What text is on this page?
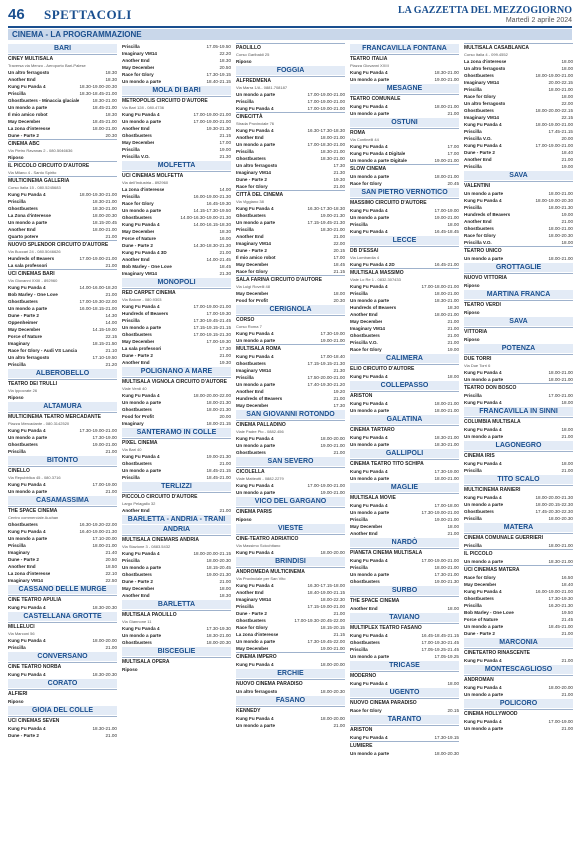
46 SPETTACOLI	LA GAZZETTA DEL MEZZOGIORNO
Martedì 2 aprile 2024
CINEMA - LA PROGRAMMAZIONE
BARI
CINEY MULTISALA
Traversa via Menzo - Aeroporto Bari-Palese
Un altro ferragosto	18.30
Another End	18.30
Kung Fu Panda 4	18.30-19.00-20.30
Priscilla	18.30-18.45-21.00
Ghostbusters - Minaccia glaciale	18.30-21.00
Un mondo a parte	18.45-21.00
Il mio amico robot	18.30
May December	18.45-21.00
La zona d'interesse	18.00-21.00
Dune - Parte 2	20.30
CINEMA ABC
Via Pietro Ravanas 2 - 080.5046636
Riposo
IL PICCOLO CIRCUITO D'AUTORE
Via Milano 4 - Santo Spirito
MULTICINEMA GALLERIA
Corso Italia 15 - 080.5245683
Kung Fu Panda 4	18.00-19.30-21.00
Priscilla	18.30-21.00
Ghostbusters	18.30-21.00
La Zona d'interesse	18.00-20.30
Un mondo a parte	18.15-20.45
Another End	18.00-21.00
Quarto potere	21.00
NUOVO SPLENDOR CIRCUITO D'AUTORE
Via Buccari 24 - 080.5046626
Hundreds of Beavers	17.00-19.00-21.00
La sala professori	21.00
UCI CINEMAS BARI
Via Giovanni XXIII - 892960
Kung Fu Panda 4	14.00-16.00-18.20
Bob Marley - One Love	21.00
Ghostbusters	17.00-19.30-22.00
Un mondo a parte	16.00-18.15-21.00
Dune - Parte 2	14.30
Oppenheimer	14.00
May December	14.15-19.00
Force of Nature	22.15
Imaginary	18.15-21.50
Race for Glory - Audi VS Lancia	21.10
Un altro ferragosto	17.10-19.50
Priscilla	21.20
ALBEROBELLO
TEATRO DEI TRULLI
Via Ippocrate 26
Riposo
ALTAMURA
MULTICINEMA TEATRO MERCADANTE
Piazza Mercadante - 080.3142520
Kung Fu Panda 4	17.30-19.00-21.00
Un mondo a parte	17.30-19.00
Ghostbusters	19.00-21.00
Priscilla	21.00
BITONTO
CINELLO
Via Repubblica 45 - 080.3716
Kung Fu Panda 4	17.00-19.00
Un mondo a parte	21.00
CASAMASSIMA
THE SPACE CINEMA
Centro commerciale Auchan
Ghostbusters	16.30-19.20-22.00
Kung Fu Panda 4	16.40-19.00-21.30
Un mondo a parte	17.10-20.00
Priscilla	18.00-21.00
Imaginary	21.40
Dune - Parte 2	20.50
Another End	18.50
La zona d'interesse	22.10
Imaginary VM14	22.50
CASSANO DELLE MURGE
CINE TEATRO APULIA
Kung Fu Panda 4	18.30-20.30
CASTELLANA GROTTE
MILLELUCI
Via Marconi 56
Kung Fu Panda 4	18.00-20.00
Priscilla	21.00
CONVERSANO
CINE TEATRO NORBA
Kung Fu Panda 4	18.30-20.30
CORATO
ALFIERI
Riposo
GIOIA DEL COLLE
UCI CINEMAS SEVEN
Kung Fu Panda 4	18.30-21.00
Dune - Parte 2	21.00
Priscilla	17.05-19.50
Imaginary VM14	22.20
Another End	18.30
May December	20.50
Race for Glory	17.30-19.15
Un mondo a parte	18.40-21.15
MOLA DI BARI
METROPOLIS CIRCUITO D'AUTORE
Via Bari 128 - 080.4736
Kung Fu Panda 4	17.00-19.00-21.00
Un mondo a parte	17.00-19.00-21.00
Another End	19.30-21.30
Ghostbusters	21.15
May December	17.00
Priscilla	19.00
Priscilla V.O.	21.30
MOLFETTA
UCI CINEMAS MOLFETTA
Via dell'Industria - 892960
La zona d'interesse	14.00
Priscilla	16.00-19.00-21.30
Race for Glory	16.45-19.30
Un mondo a parte	14.15-17.30-19.50
Ghostbusters	14.00-16.30-19.00-21.30
Kung Fu Panda 4	14.00-16.15-18.30
May December	18.30
Force of Nature	16.00
Dune - Parte 2	14.30-18.30-21.30
Kung Fu Panda 4 3D	21.00
Another End	14.00-21.45
Bob Marley - One Love	18.45
Imaginary VM14	21.30
MONOPOLI
RED CARPET CINEMA
Via Baione - 080.9303
Kung Fu Panda 4	17.00-19.00-21.00
Hundreds of Beavers	17.00-19.30
Priscilla	17.30-19.45-21.45
Un mondo a parte	17.15-19.15-21.15
Ghostbusters	17.00-19.15-21.30
May December	17.00-19.30
La sala professori	17.30
Dune - Parte 2	21.00
Another End	19.30
POLIGNANO A MARE
MULTISALA VIGNOLA CIRCUITO D'AUTORE
Viale Verdi 40
Kung Fu Panda 4	18.00-20.00-22.00
Un mondo a parte	18.00-21.30
Ghostbusters	18.00-21.30
Food for Profit	20.00
Imaginary	18.00-21.15
SANTERAMO IN COLLE
PIXEL CINEMA
Via Bari 40
Kung Fu Panda 4	19.00-21.30
Ghostbusters	21.00
Un mondo a parte	18.45-21.15
Priscilla	18.45-21.00
TERLIZZI
PICCOLO CIRCUITO D'AUTORE
Largo Pelagallo 32
Another End	21.00
BARLETTA - ANDRIA - TRANI
ANDRIA
MULTISALA CINEMARS ANDRIA
Via Stazione 3 - 0883.5432
Kung Fu Panda 4	18.00-20.00-21.15
Priscilla	18.00-20.30
Un mondo a parte	18.15-20.45
Ghostbusters	19.00-21.30
Dune - Parte 2	21.00
May December	18.00
Another End	18.30
BARLETTA
MULTISALA PAOLILLO
Via Giannone 11
Kung Fu Panda 4	17.30-19.30
Un mondo a parte	18.30-21.00
Ghostbusters	18.00-20.30
BISCEGLIE
MULTISALA OPERA
Riposo
PAOLILLO
Corso Garibaldi 25
Riposo
FOGGIA
ALFREDMENA
Via Marra 1/A - 0881.708187
Un mondo a parte	17.00-19.00-21.00
Priscilla	17.00-19.00-21.00
Kung Fu Panda 4	17.00-19.00-21.00
CINECITTÀ
Strada Provinciale 76
Kung Fu Panda 4	16.30-17.30-18.30
Another End	18.00-21.00
Un mondo a parte	17.00-18.30-21.00
Priscilla	18.30-21.00
Ghostbusters	18.30-21.00
Un altro ferragosto	17.30
Imaginary VM14	21.30
Dune - Parte 2	19.30
Race for Glory	21.00
CITTÀ DEL CINEMA
Via Viggiano 38
Kung Fu Panda 4	16.30-17.30-18.30
Ghostbusters	19.00-21.30
Un mondo a parte	17.15-19.45-21.30
Priscilla	18.30-21.00
Another End	21.00
Imaginary VM14	22.00
Dune - Parte 2	20.15
Il mio amico robot	17.00
May December	18.45
Race for Glory	21.15
SALA FARINA CIRCUITO D'AUTORE
Via Luigi Rovelli 48
May December	18.00
Food for Profit	20.30
CERIGNOLA
CORSO
Corso Roma 7
Kung Fu Panda 4	17.30-19.00
Un mondo a parte	19.00-21.00
MULTISALA ROMA
Kung Fu Panda 4	17.00-18.40
Ghostbusters	17.15-19.15-21.30
Imaginary VM14	21.30
Priscilla	17.50-20.00-21.00
Un mondo a parte	17.40-19.30-21.20
Another End	19.20
Hundreds of Beavers	21.00
May December	17.30
SAN GIOVANNI ROTONDO
CINEMA PALLADINO
Viale Padre Pio - 0882.456
Kung Fu Panda 4	18.00-20.00
Un mondo a parte	19.00-21.00
Ghostbusters	21.00
SAN SEVERO
CICOLELLA
Viale Matteotti - 0882.2279
Kung Fu Panda 4	17.00-19.00-21.00
Un mondo a parte	19.00-21.00
VICO DEL GARGANO
CINEMA PARIS
Riposo
VIESTE
CINE-TEATRO ADRIATICO
Via Massimo Scicchitano
Kung Fu Panda 4	18.00-20.00
BRINDISI
ANDROMEDA MULTICINEMA
Via Provinciale per San Vito
Kung Fu Panda 4	16.30-17.15-18.00
Another End	18.40-19.00-21.15
Imaginary VM14	18.00-22.30
Priscilla	17.15-19.00-21.00
Dune - Parte 2	21.00
Ghostbusters	17.00-19.30-20.45-22.00
Race for Glory	18.15-20.15
La zona d'interesse	21.15
Un mondo a parte	17.30-19.45-22.00
May December	19.00-21.00
CINEMA IMPERO
Kung Fu Panda 4	18.00-20.00
ERCHIE
NUOVO CINEMA PARADISO
Un altro ferragosto	18.00-20.30
FASANO
KENNEDY
Kung Fu Panda 4	18.00-20.00
Un mondo a parte	21.00
FRANCAVILLA FONTANA
TEATRO ITALIA
Piazza Giovanni XXIII
Kung Fu Panda 4	18.30-21.00
Un mondo a parte	19.00-21.00
MESAGNE
TEATRO COMUNALE
Kung Fu Panda 4	18.00-21.00
Un mondo a parte	21.00
OSTUNI
ROMA
Via Continelli 44
Kung Fu Panda 4	17.00
Kung Fu Panda 4 Digitale	17.00
Un mondo a parte Digitale	19.00-21.00
SLOW CINEMA
Un mondo a parte	18.00-21.00
Race for Glory	20.45
SAN PIETRO VERNOTICO
MASSIMO CIRCUITO D'AUTORE
Kung Fu Panda 4	17.00-19.00
Un mondo a parte	19.00-21.00
Priscilla	18.00
Kung Fu Panda 4	16.45-18.45
LECCE
DB D'ESSAI
Via Lombardia 4
Kung Fu Panda 4 2D	16.45-21.00
MULTISALA MASSIMO
Viale Lo Re 1 - 0832.307433
Kung Fu Panda 4	17.00-18.00-21.00
Priscilla	18.00-21.00
Un mondo a parte	18.30-21.00
Hundreds of Beavers	18.30
Another End	18.00-21.00
May December	21.00
Imaginary VM14	21.00
Ghostbusters	21.00
Priscilla V.O.	21.00
Race for Glory	19.00
CALIMERA
ELIO CIRCUITO D'AUTORE
Kung Fu Panda 4	18.00
COLLEPASSO
ARISTON
Kung Fu Panda 4	18.00-21.00
Un mondo a parte	18.00-21.00
GALATINA
CINEMA TARTARO
Kung Fu Panda 4	18.30-21.00
Un mondo a parte	18.30-21.00
GALLIPOLI
CINEMA TEATRO TITO SCHIPA
Kung Fu Panda 4	17.30-19.00
Un mondo a parte	18.00-21.00
MAGLIE
MULTISALA MOVIE
Kung Fu Panda 4	17.00-18.00
Un mondo a parte	17.30-19.00-21.00
Priscilla	19.00-21.00
May December	18.00
Another End	21.00
NARDÒ
PIANETA CINEMA MULTISALA
Kung Fu Panda 4	17.00-19.00-21.00
Priscilla	18.00-21.00
Un mondo a parte	17.30-21.00
Ghostbusters	19.00-21.30
SURBO
THE SPACE CINEMA
Another End	18.00
TAVIANO
MULTIPLEX TEATRO FASANO
Kung Fu Panda 4	16.45-18.45-21.15
Ghostbusters	17.00-19.30-21.45
Priscilla	17.05-19.25-21.45
Un mondo a parte	17.05-19.25
TRICASE
MODERNO
Kung Fu Panda 4	18.00
UGENTO
NUOVO CINEMA PARADISO
Race for Glory	20.15
TARANTO
ARISTON
Kung Fu Panda 4	17.30-19.15
LUMIERE
Un mondo a parte	18.00-20.30
MULTISALA CASABLANCA
Corso Italia 4 - 099.4552
La zona d'interesse	18.00
Un altro ferragosto	18.00
Ghostbusters	18.00-19.00-21.00
Imaginary VM14	20.00-22.15
Priscilla	18.00-21.00
Race for Glory	18.00
Un altro ferragosto	22.00
Ghostbusters	18.00-20.00-22.15
Imaginary VM14	22.15
Kung Fu Panda 4	18.00-19.00-21.00
Priscilla	17.45-21.15
Priscilla V.O.	20.00
Kung Fu Panda 4	17.00-19.00-21.00
Dune - Parte 2	18.40
Another End	21.00
Priscilla	19.00
SAVA
VALENTINI
Un mondo a parte	18.00-21.00
Kung Fu Panda 4	18.00-19.00-20.30
Priscilla	18.00-21.30
Hundreds of Beavers	19.00
Another End	21.00
Ghostbusters	18.00-21.00
Race for Glory	18.00-20.30
Priscilla V.O.	18.00
TEATRO UNICO
Un mondo a parte	18.00-21.00
GROTTAGLIE
NUOVO VITTORIA
Riposo
MARTINA FRANCA
TEATRO VERDI
Riposo
SAVA
VITTORIA
Riposo
POTENZA
DUE TORRI
Via Due Torri 6
Kung Fu Panda 4	18.00-21.00
Un mondo a parte	18.00-21.00
TEATRO DON BOSCO
Priscilla	17.00-21.00
Kung Fu Panda 4	18.00
FRANCAVILLA IN SINNI
COLUMBIA MULTISALA
Kung Fu Panda 4	18.00
Un mondo a parte	21.00
LAGONEGRO
CINEMA IRIS
Kung Fu Panda 4	18.00
Priscilla	21.00
TITO SCALO
MULTICINEMA RANIERI
Kung Fu Panda 4	18.00-20.00-21.30
Un mondo a parte	18.00-20.15-22.30
Ghostbusters	17.45-20.30-22.30
Priscilla	18.00-20.30
MATERA
CINEMA COMUNALE GUERRIERI
Priscilla	18.00-21.00
IL PICCOLO
Un mondo a parte	18.30-21.00
UCI CINEMAS MATERA
Race for Glory	16.50
May December	18.40
Kung Fu Panda 4	16.00-19.00-21.00
Ghostbusters	17.30-19.30
Priscilla	16.20-21.30
Bob Marley - One Love	19.50
Force of Nature	21.45
Un mondo a parte	18.45-21.00
Dune - Parte 2	21.00
MARCONIA
CINETEATRO RINASCENTE
Kung Fu Panda 4	21.00
MONTESCAGLIOSO
ANDROMAN
Kung Fu Panda 4	18.00-20.00
Un mondo a parte	21.00
POLICORO
CINEMA HOLLYWOOD
Kung Fu Panda 4	17.00-19.00
Un mondo a parte	21.00
